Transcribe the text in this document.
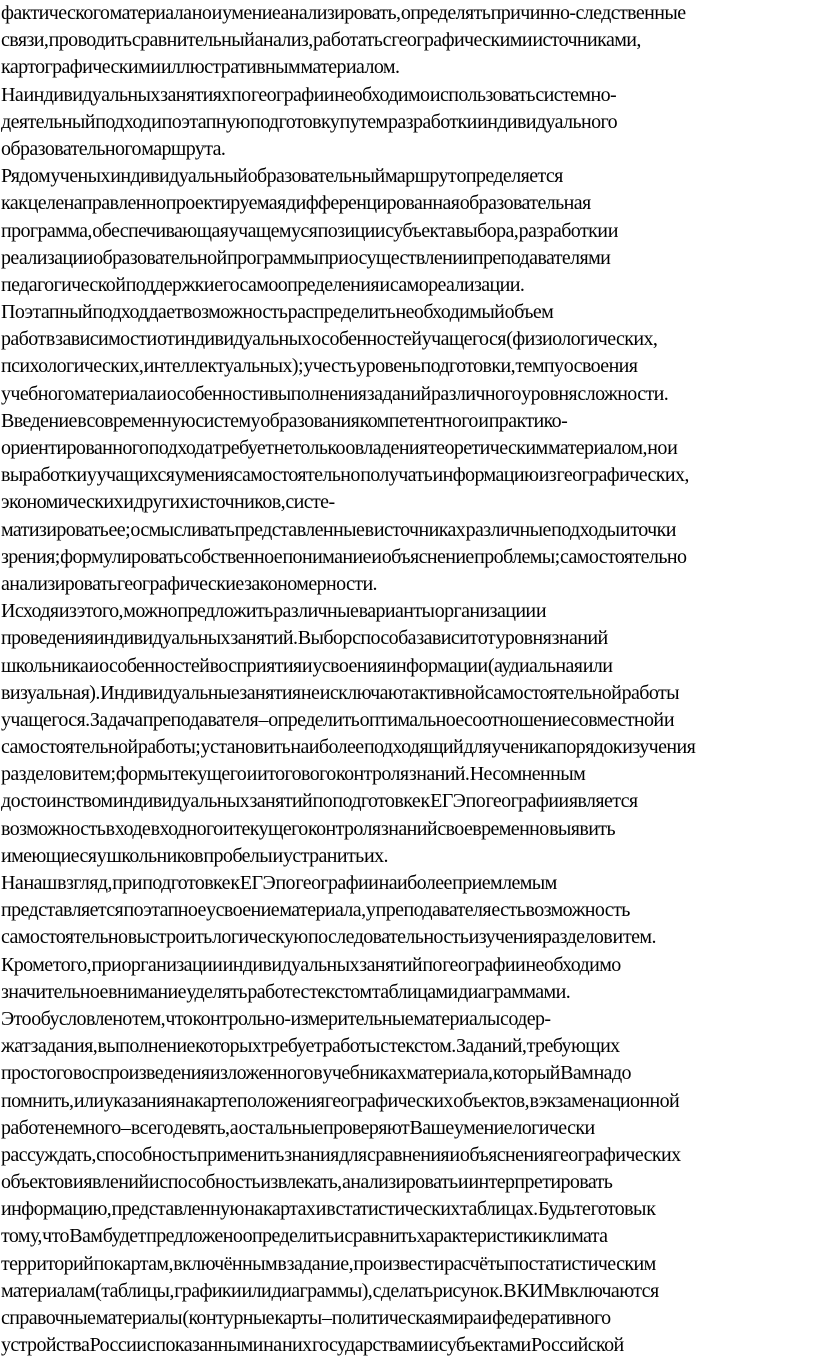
фактического материала но и умение анализировать, определять причинно-следственные
связи, проводить сравнительный анализ, работать с географическими источниками,
картографическим и иллюстративным материалом.
На индивидуальных занятиях по географии необходимо использовать системно-
деятельный подход и поэтапную подготовку путем разработки индивидуального
образовательного маршрута.
Рядом ученых индивидуальный образовательный маршрут определяется
как целенаправленно проектируемая дифференцированная образовательная
программа, обеспечивающая учащемуся позиции субъекта выбора, разработки и
реализации образовательной программы при осуществлении преподавателями
педагогической поддержки его самоопределения и самореализации.
Поэтапный подход дает возможность распределить необходимый объем
работ в зависимости от индивидуальных особенностей учащегося (физиологических,
психологических, интеллектуальных); учесть уровень подготовки, темпу освоения
учебного материала и особенности выполнения заданий различного уровня сложности.
Введение в современную систему образования компетентного и практико-
ориентированного подхода требует не только овладения теоретическим материалом, но и
выработки у учащихся умения самостоятельно получать информацию из географических,
экономических и других источников, систе-
матизировать ее; осмысливать представленные в источниках различные подходы и точки
зрения; формулировать собственное понимание и объяснение проблемы; самостоятельно
анализировать географические закономерности.
Исходя из этого, можно предложить различные варианты организации и
проведения индивидуальных занятий. Выбор способа зависит от уровня знаний
школьника и особенностей восприятия и усвоения информации (аудиальная или
визуальная). Индивидуальные занятия не исключают активной самостоятельной работы
учащегося. Задача преподавателя – определить оптимальное соотношение совместной и
самостоятельной работы; установить наиболее подходящий для ученика порядок изучения
разделов и тем; формы текущего и итогового контроля знаний. Несомненным
достоинством индивидуальных занятий по подготовке к ЕГЭ по географии является
возможность в ходе входного и текущего контроля знаний своевременно выявить
имеющиеся у школьников пробелы и устранить их.
На наш взгляд, при подготовке к ЕГЭ по географии наиболее приемлемым
представляется поэтапное усвоение материала, у преподавателя есть возможность
самостоятельно выстроить логическую последовательность изучения разделов и тем.
Кроме того, при организации индивидуальных занятий по географии необходимо
значительное внимание уделять работе с текстом таблицами диаграммами.
Это обусловлено тем, что контрольно-измерительные материалы содер-
жат задания, выполнение которых требует работы с текстом. Заданий, требующих
простого воспроизведения изложенного в учебниках материала, который Вам надо
помнить, или указания на карте положения географических объектов, в экзаменационной
работе немного – всего девять, а остальные проверяют Ваше умение логически
рассуждать, способность применить знания для сравнения и объяснения географических
объектов и явлений и способность извлекать, анализировать и интерпретировать
информацию, представленную на картах и в статистических таблицах. Будьте готовы к
тому, что Вам будет предложено определить и сравнить характеристики климата
территорий по картам, включённым в задание, произвести расчёты по статистическим
материалам (таблицы, графики или диаграммы), сделать рисунок. В КИМ включаются
справочные материалы (контурные карты – политическая мира и федеративного
устройства России с показанными на них государствами и субъектами Российской
